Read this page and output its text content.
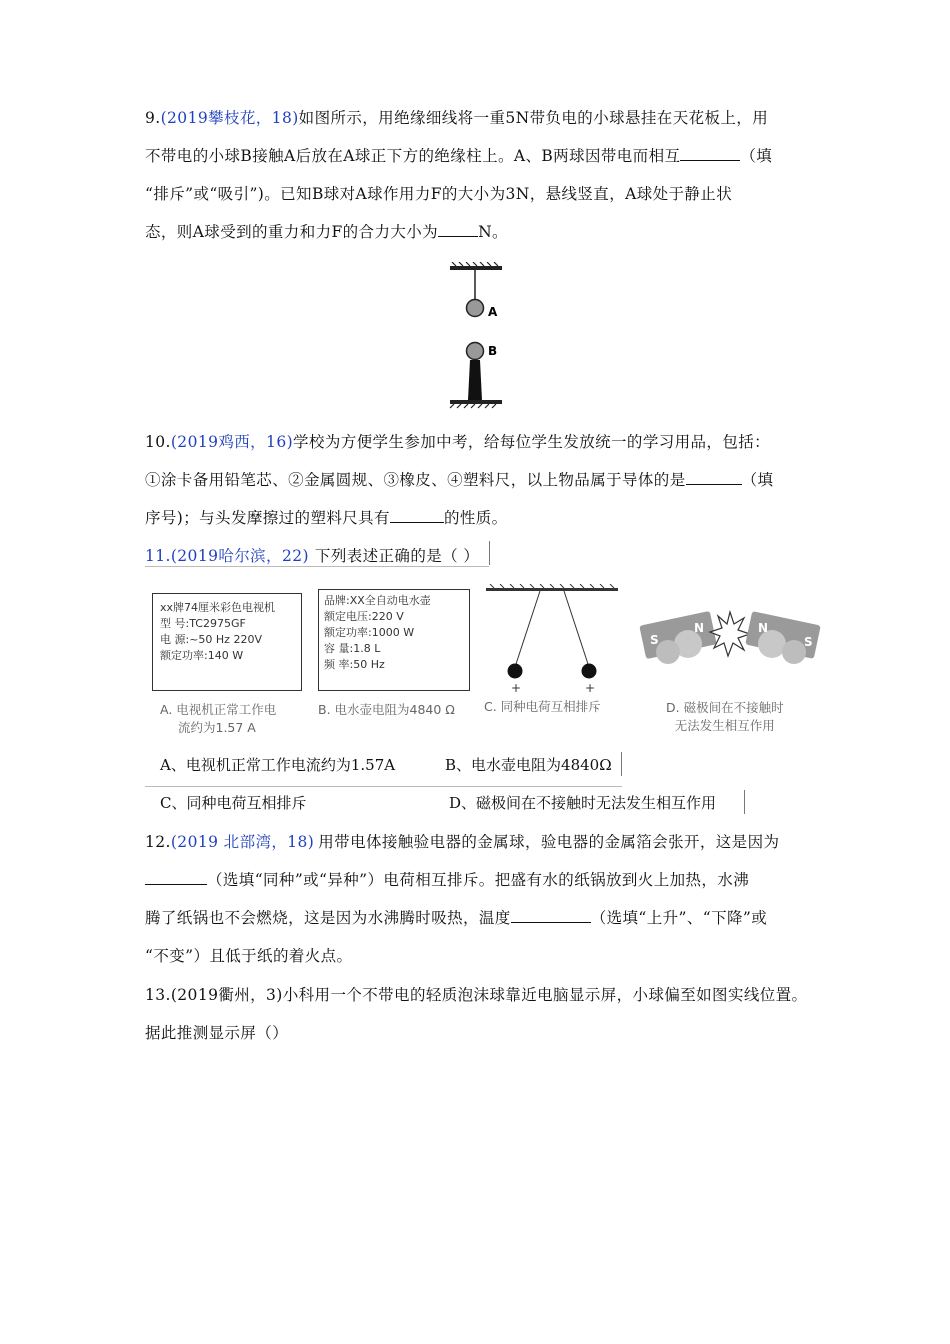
9.(2019攀枝花，18)如图所示，用绝缘细线将一重5N带负电的小球悬挂在天花板上，用
不带电的小球B接触A后放在A球正下方的绝缘柱上。A、B两球因带电而相互	（填
“排斥”或“吸引”)。已知B球对A球作用力F的大小为3N，悬线竖直，A球处于静止状
态，则A球受到的重力和力F的合力大小为	N。
A
B
10.(2019鸡西，16)学校为方便学生参加中考，给每位学生发放统一的学习用品，包括：
①涂卡备用铅笔芯、②金属圆规、③橡皮、④塑料尺，以上物品属于导体的是	（填
序号)；与头发摩擦过的塑料尺具有	的性质。
11.(2019哈尔滨，22) 下列表述正确的是（ ）
xx牌74厘米彩色电视机
型 号:TC2975GF
电 源:~50 Hz 220V
额定功率:140 W
A. 电视机正常工作电
流约为1.57 A
品牌:XX全自动电水壶
额定电压:220 V
额定功率:1000 W
容 量:1.8 L
频 率:50 Hz
B. 电水壶电阻为4840 Ω
+	+
C. 同种电荷互相排斥
S
N	N
S
D. 磁极间在不接触时
无法发生相互作用
A、电视机正常工作电流约为1.57A	B、电水壶电阻为4840Ω
C、同种电荷互相排斥	D、磁极间在不接触时无法发生相互作用
12.(2019 北部湾，18) 用带电体接触验电器的金属球，验电器的金属箔会张开，这是因为
（选填“同种”或“异种”）电荷相互排斥。把盛有水的纸锅放到火上加热，水沸
腾了纸锅也不会燃烧，这是因为水沸腾时吸热，温度	（选填“上升”、“下降”或
“不变”）且低于纸的着火点。
13.(2019衢州，3)小科用一个不带电的轻质泡沫球靠近电脑显示屏，小球偏至如图实线位置。
据此推测显示屏（）
